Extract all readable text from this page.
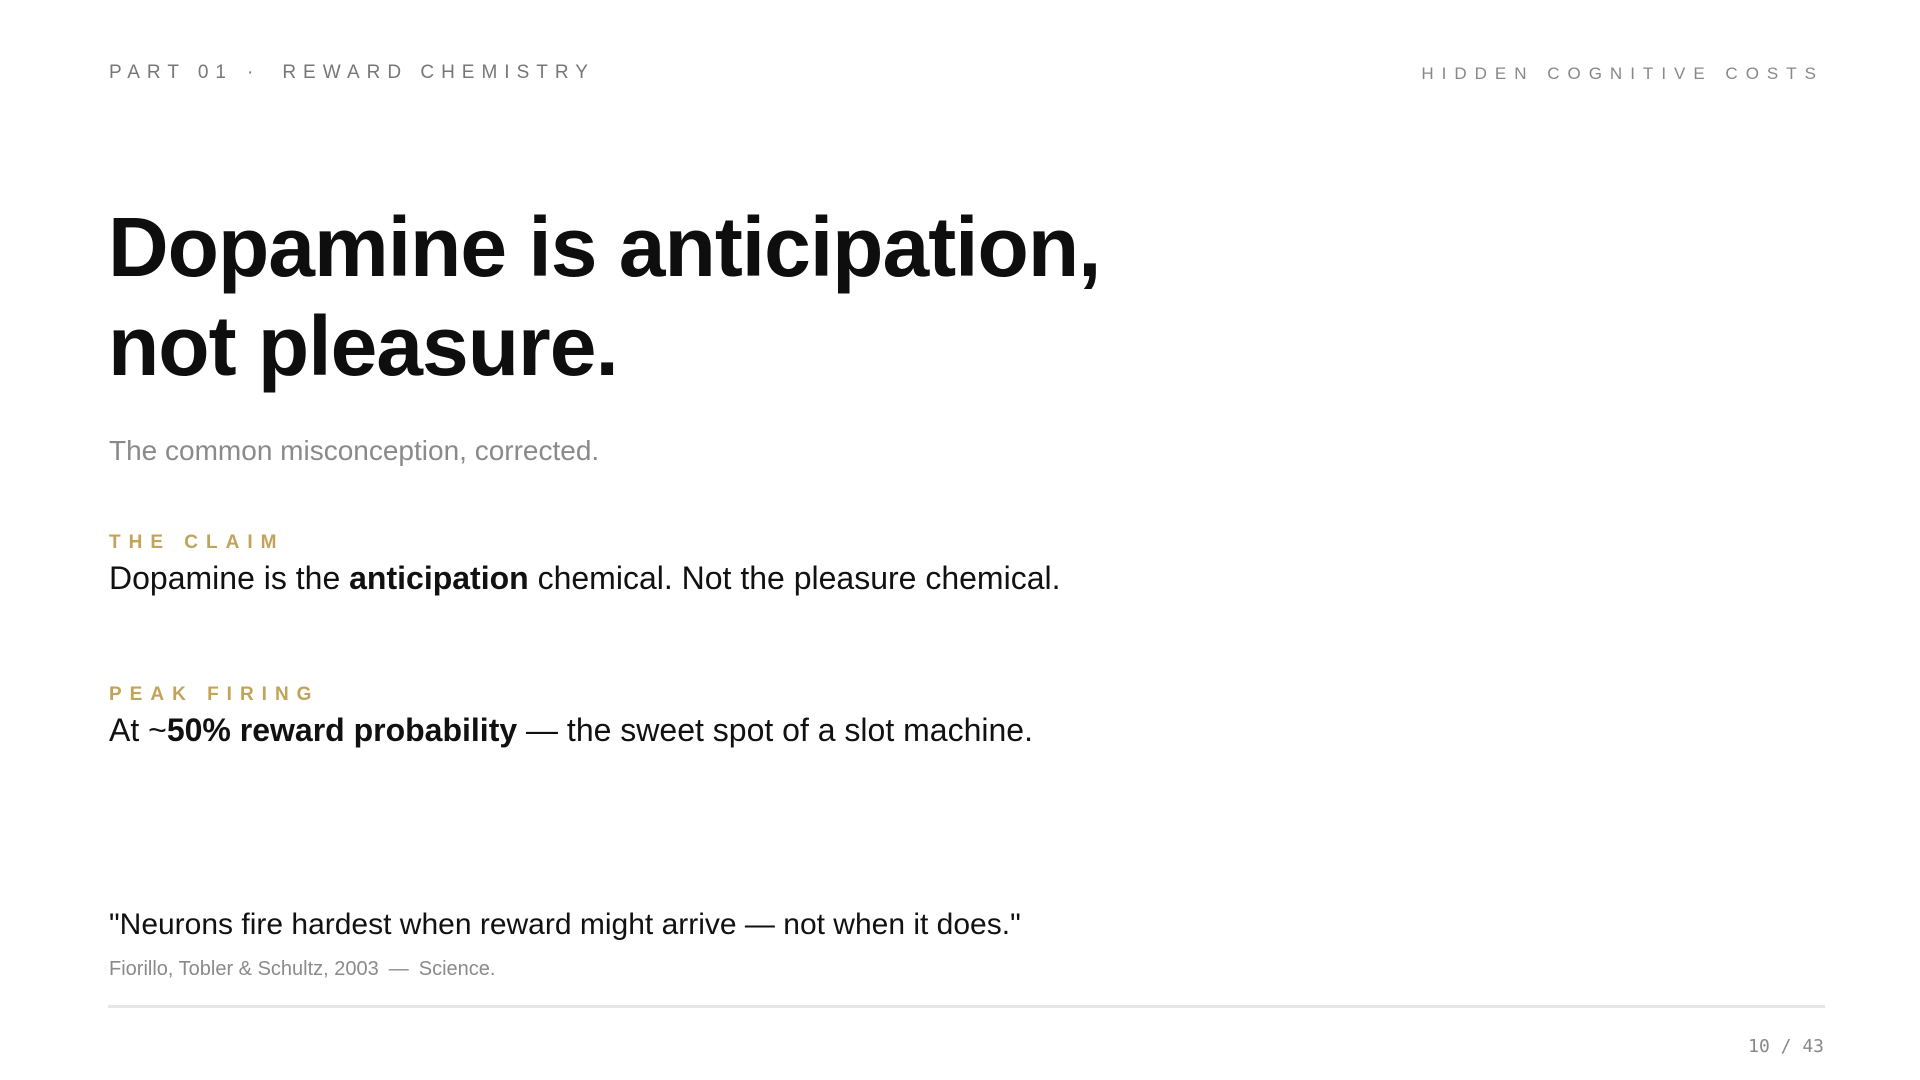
PART 01 · REWARD CHEMISTRY	HIDDEN COGNITIVE COSTS
Dopamine is anticipation,
not pleasure.
The common misconception, corrected.
THE CLAIM
Dopamine is the anticipation chemical. Not the pleasure chemical.
PEAK FIRING
At ~50% reward probability — the sweet spot of a slot machine.
"Neurons fire hardest when reward might arrive — not when it does."
Fiorillo, Tobler & Schultz, 2003 — Science.
10 / 43
